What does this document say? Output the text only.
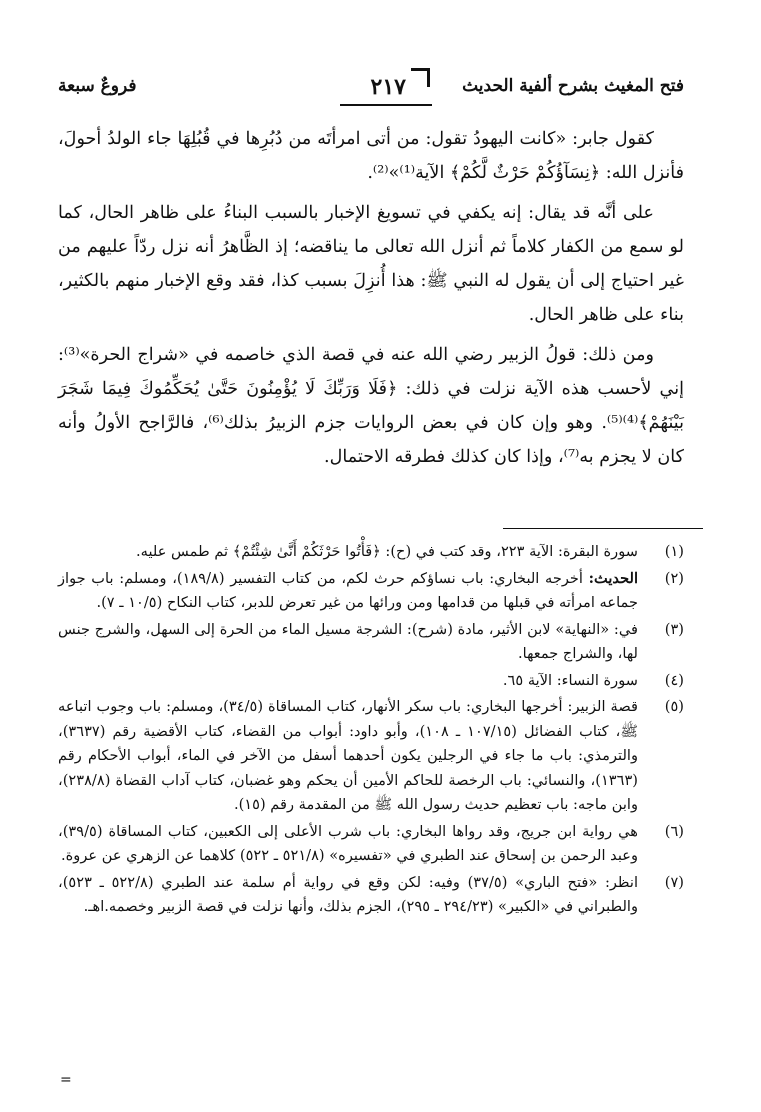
فتح المغيث بشرح ألفية الحديث
٢١٧
فروعٌ سبعة

كقول جابر: «كانت اليهودُ تقول: من أتى امرأتَه من دُبُرِها في قُبُلِهَا جاء الولدُ أحولَ، فأنزل الله: ﴿نِسَآؤُكُمْ حَرْثٌ لَّكُمْ﴾ الآية⁽¹⁾»⁽²⁾.

على أنَّه قد يقال: إنه يكفي في تسويغ الإخبار بالسبب البناءُ على ظاهر الحال، كما لو سمع من الكفار كلاماً ثم أنزل الله تعالى ما يناقضه؛ إذ الظَّاهرُ أنه نزل ردّاً عليهم من غير احتياج إلى أن يقول له النبي ﷺ: هذا أُنزِلَ بسبب كذا، فقد وقع الإخبار منهم بالكثير، بناء على ظاهر الحال.

ومن ذلك: قولُ الزبير رضي الله عنه في قصة الذي خاصمه في «شراج الحرة»⁽³⁾: إني لأحسب هذه الآية نزلت في ذلك: ﴿فَلَا وَرَبِّكَ لَا يُؤْمِنُونَ حَتَّىٰ يُحَكِّمُوكَ فِيمَا شَجَرَ بَيْنَهُمْ﴾⁽⁴⁾⁽⁵⁾. وهو وإن كان في بعض الروايات جزم الزبيرُ بذلك⁽⁶⁾، فالرَّاجح الأولُ وأنه كان لا يجزم به⁽⁷⁾، وإذا كان كذلك فطرقه الاحتمال.

(١)
سورة البقرة: الآية ٢٢٣، وقد كتب في (ح): ﴿فَأْتُوا حَرْثَكُمْ أَنَّىٰ شِئْتُمْ﴾ ثم طمس عليه.
(٢)
الحديث: أخرجه البخاري: باب نساؤكم حرث لكم، من كتاب التفسير (١٨٩/٨)، ومسلم: باب جواز جماعه امرأته في قبلها من قدامها ومن ورائها من غير تعرض للدبر، كتاب النكاح (١٠/٥ ـ ٧).
(٣)
في: «النهاية» لابن الأثير، مادة (شرح): الشرجة مسيل الماء من الحرة إلى السهل، والشرج جنس لها، والشراج جمعها.
(٤)
سورة النساء: الآية ٦٥.
(٥)
قصة الزبير: أخرجها البخاري: باب سكر الأنهار، كتاب المساقاة (٣٤/٥)، ومسلم: باب وجوب اتباعه ﷺ، كتاب الفضائل (١٠٧/١٥ ـ ١٠٨)، وأبو داود: أبواب من القضاء، كتاب الأقضية رقم (٣٦٣٧)، والترمذي: باب ما جاء في الرجلين يكون أحدهما أسفل من الآخر في الماء، أبواب الأحكام رقم (١٣٦٣)، والنسائي: باب الرخصة للحاكم الأمين أن يحكم وهو غضبان، كتاب آداب القضاة (٢٣٨/٨)، وابن ماجه: باب تعظيم حديث رسول الله ﷺ من المقدمة رقم (١٥).
(٦)
هي رواية ابن جريج، وقد رواها البخاري: باب شرب الأعلى إلى الكعبين، كتاب المساقاة (٣٩/٥)، وعبد الرحمن بن إسحاق عند الطبري في «تفسيره» (٥٢١/٨ ـ ٥٢٢) كلاهما عن الزهري عن عروة.
(٧)
انظر: «فتح الباري» (٣٧/٥) وفيه: لكن وقع في رواية أم سلمة عند الطبري (٥٢٢/٨ ـ ٥٢٣)، والطبراني في «الكبير» (٢٩٤/٢٣ ـ ٢٩٥)، الجزم بذلك، وأنها نزلت في قصة الزبير وخصمه.اهـ.
=
